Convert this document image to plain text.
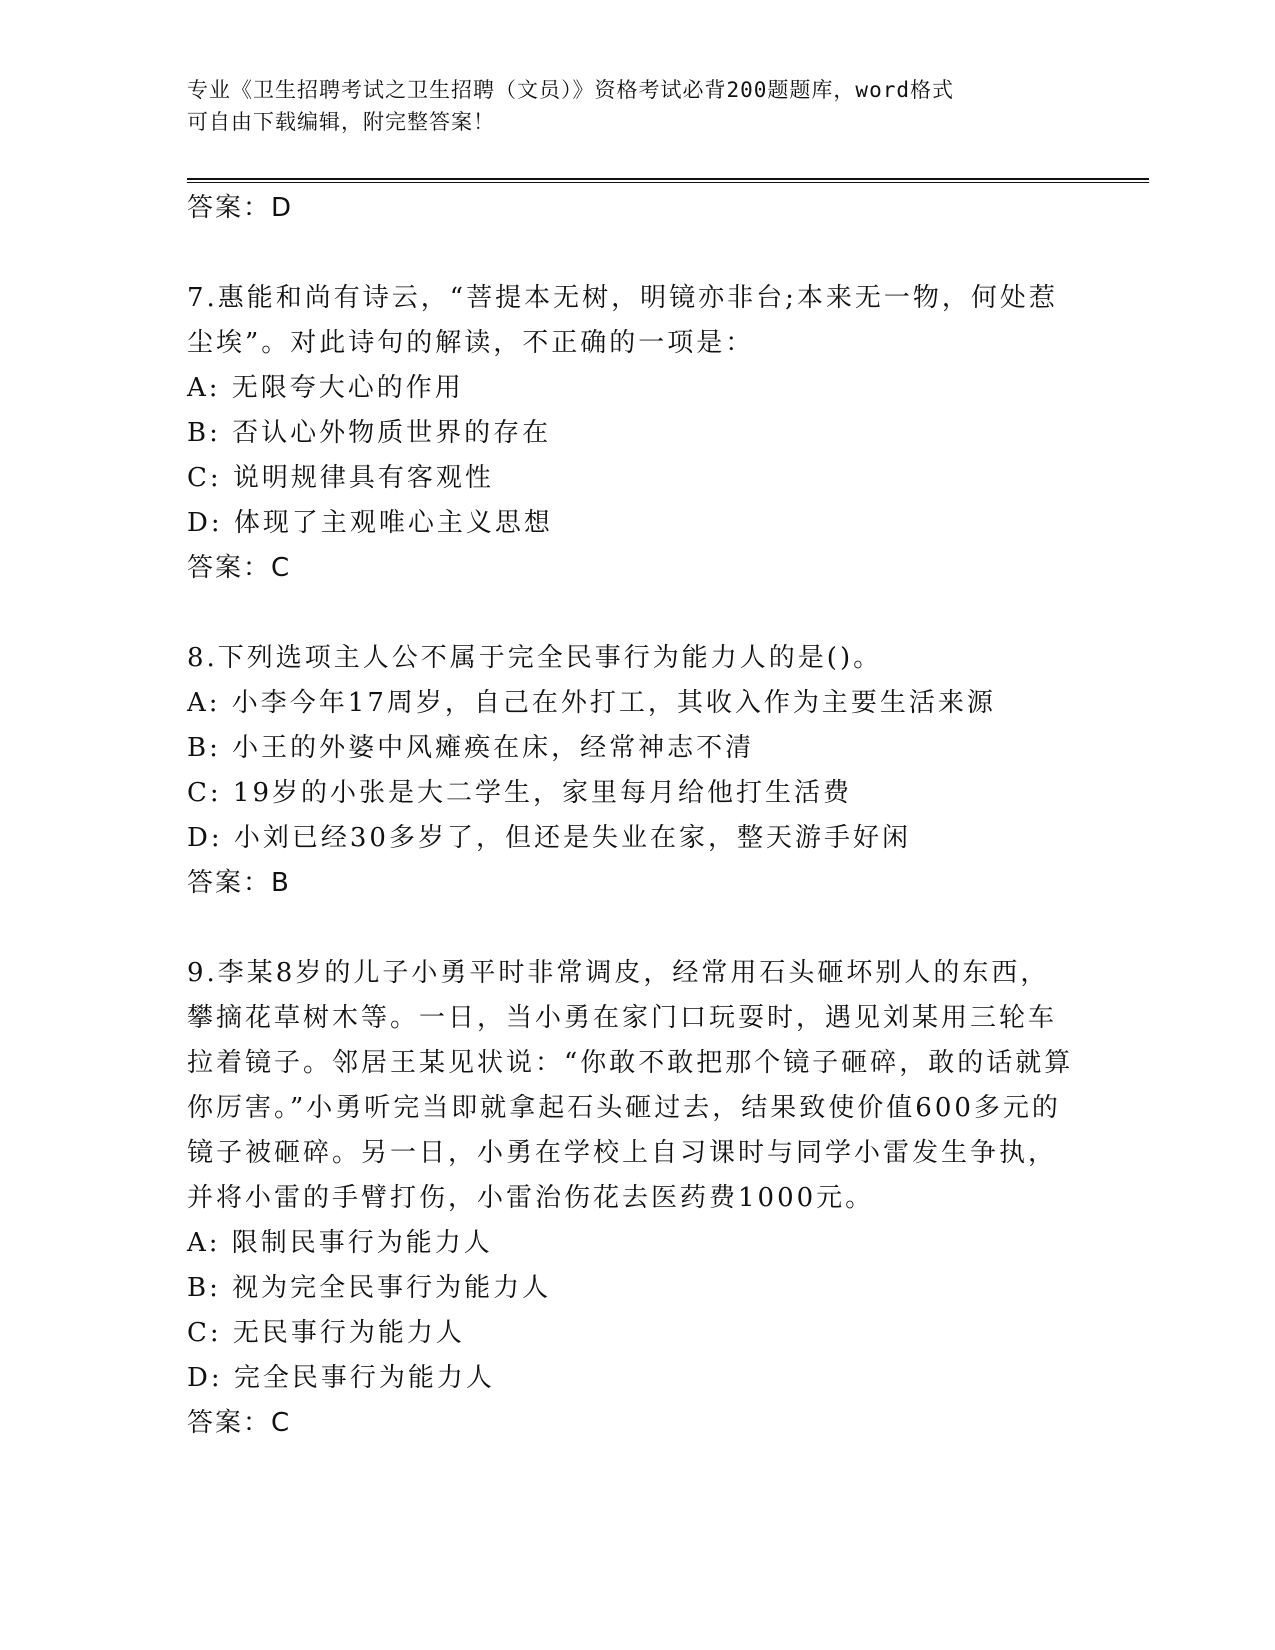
专业《卫生招聘考试之卫生招聘（文员）》资格考试必背200题题库，word格式
可自由下载编辑，附完整答案！

答案：D

7.惠能和尚有诗云，“菩提本无树，明镜亦非台;本来无一物，何处惹尘埃”。对此诗句的解读，不正确的一项是：

A: 无限夸大心的作用

B: 否认心外物质世界的存在

C: 说明规律具有客观性

D: 体现了主观唯心主义思想

答案：C

8.下列选项主人公不属于完全民事行为能力人的是()。

A: 小李今年17周岁，自己在外打工，其收入作为主要生活来源

B: 小王的外婆中风瘫痪在床，经常神志不清

C: 19岁的小张是大二学生，家里每月给他打生活费

D: 小刘已经30多岁了，但还是失业在家，整天游手好闲

答案：B

9.李某8岁的儿子小勇平时非常调皮，经常用石头砸坏别人的东西，攀摘花草树木等。一日，当小勇在家门口玩耍时，遇见刘某用三轮车拉着镜子。邻居王某见状说：“你敢不敢把那个镜子砸碎，敢的话就算你厉害。”小勇听完当即就拿起石头砸过去，结果致使价值600多元的镜子被砸碎。另一日，小勇在学校上自习课时与同学小雷发生争执，并将小雷的手臂打伤，小雷治伤花去医药费1000元。

A: 限制民事行为能力人

B: 视为完全民事行为能力人

C: 无民事行为能力人

D: 完全民事行为能力人

答案：C
